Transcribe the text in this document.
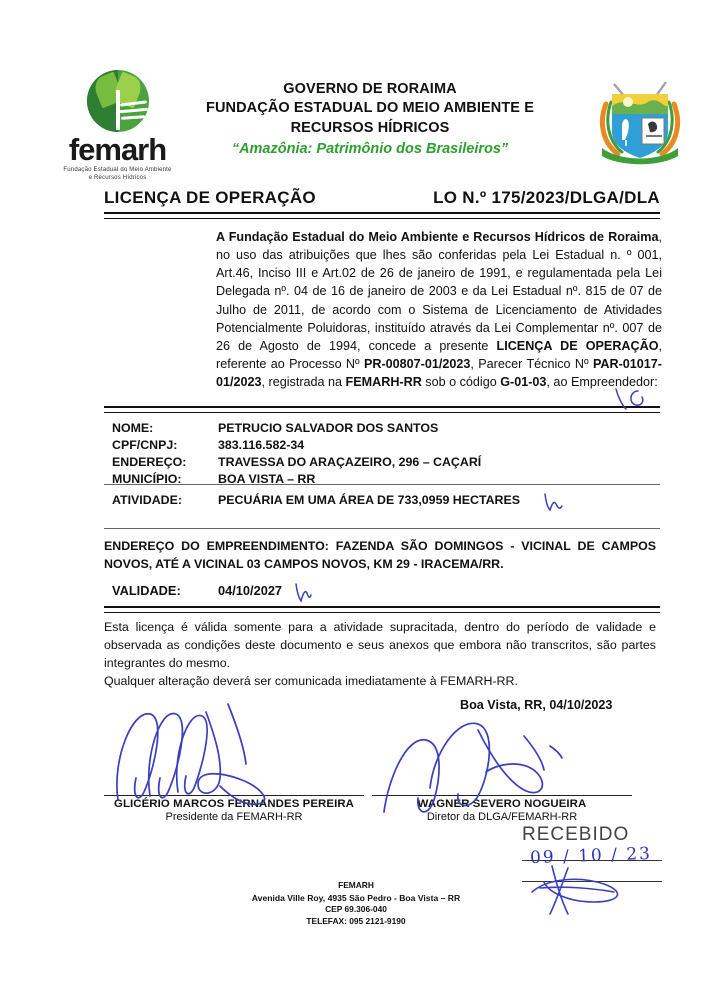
femarh
Fundação Estadual do Meio Ambiente
e Recursos Hídricos
GOVERNO DE RORAIMA
FUNDAÇÃO ESTADUAL DO MEIO AMBIENTE E
RECURSOS HÍDRICOS
“Amazônia: Patrimônio dos Brasileiros”
LICENÇA DE OPERAÇÃO	LO N.º 175/2023/DLGA/DLA
A Fundação Estadual do Meio Ambiente e Recursos Hídricos de Roraima, no uso das atribuições que lhes são conferidas pela Lei Estadual n. º 001, Art.46, Inciso III e Art.02 de 26 de janeiro de 1991, e regulamentada pela Lei Delegada nº. 04 de 16 de janeiro de 2003 e da Lei Estadual nº. 815 de 07 de Julho de 2011, de acordo com o Sistema de Licenciamento de Atividades Potencialmente Poluidoras, instituído através da Lei Complementar nº. 007 de 26 de Agosto de 1994, concede a presente LICENÇA DE OPERAÇÃO, referente ao Processo Nº PR-00807-01/2023, Parecer Técnico Nº PAR-01017-01/2023, registrada na FEMARH-RR sob o código G-01-03, ao Empreendedor:
NOME:	PETRUCIO SALVADOR DOS SANTOS
CPF/CNPJ:	383.116.582-34
ENDEREÇO:	TRAVESSA DO ARAÇAZEIRO, 296 – CAÇARÍ
MUNICÍPIO:	BOA VISTA – RR
ATIVIDADE:	PECUÁRIA EM UMA ÁREA DE 733,0959 HECTARES
ENDEREÇO DO EMPREENDIMENTO: FAZENDA SÃO DOMINGOS - VICINAL DE CAMPOS NOVOS, ATÉ A VICINAL 03 CAMPOS NOVOS, KM 29 - IRACEMA/RR.
VALIDADE:	04/10/2027
Esta licença é válida somente para a atividade supracitada, dentro do período de validade e observada as condições deste documento e seus anexos que embora não transcritos, são partes integrantes do mesmo.
Qualquer alteração deverá ser comunicada imediatamente à FEMARH-RR.
Boa Vista, RR, 04/10/2023
GLICÉRIO MARCOS FERNANDES PEREIRA
Presidente da FEMARH-RR
WAGNER SEVERO NOGUEIRA
Diretor da DLGA/FEMARH-RR
RECEBIDO
09 / 10 / 23
FEMARH
Avenida Ville Roy, 4935 São Pedro - Boa Vista – RR
CEP 69.306-040
TELEFAX: 095 2121-9190
